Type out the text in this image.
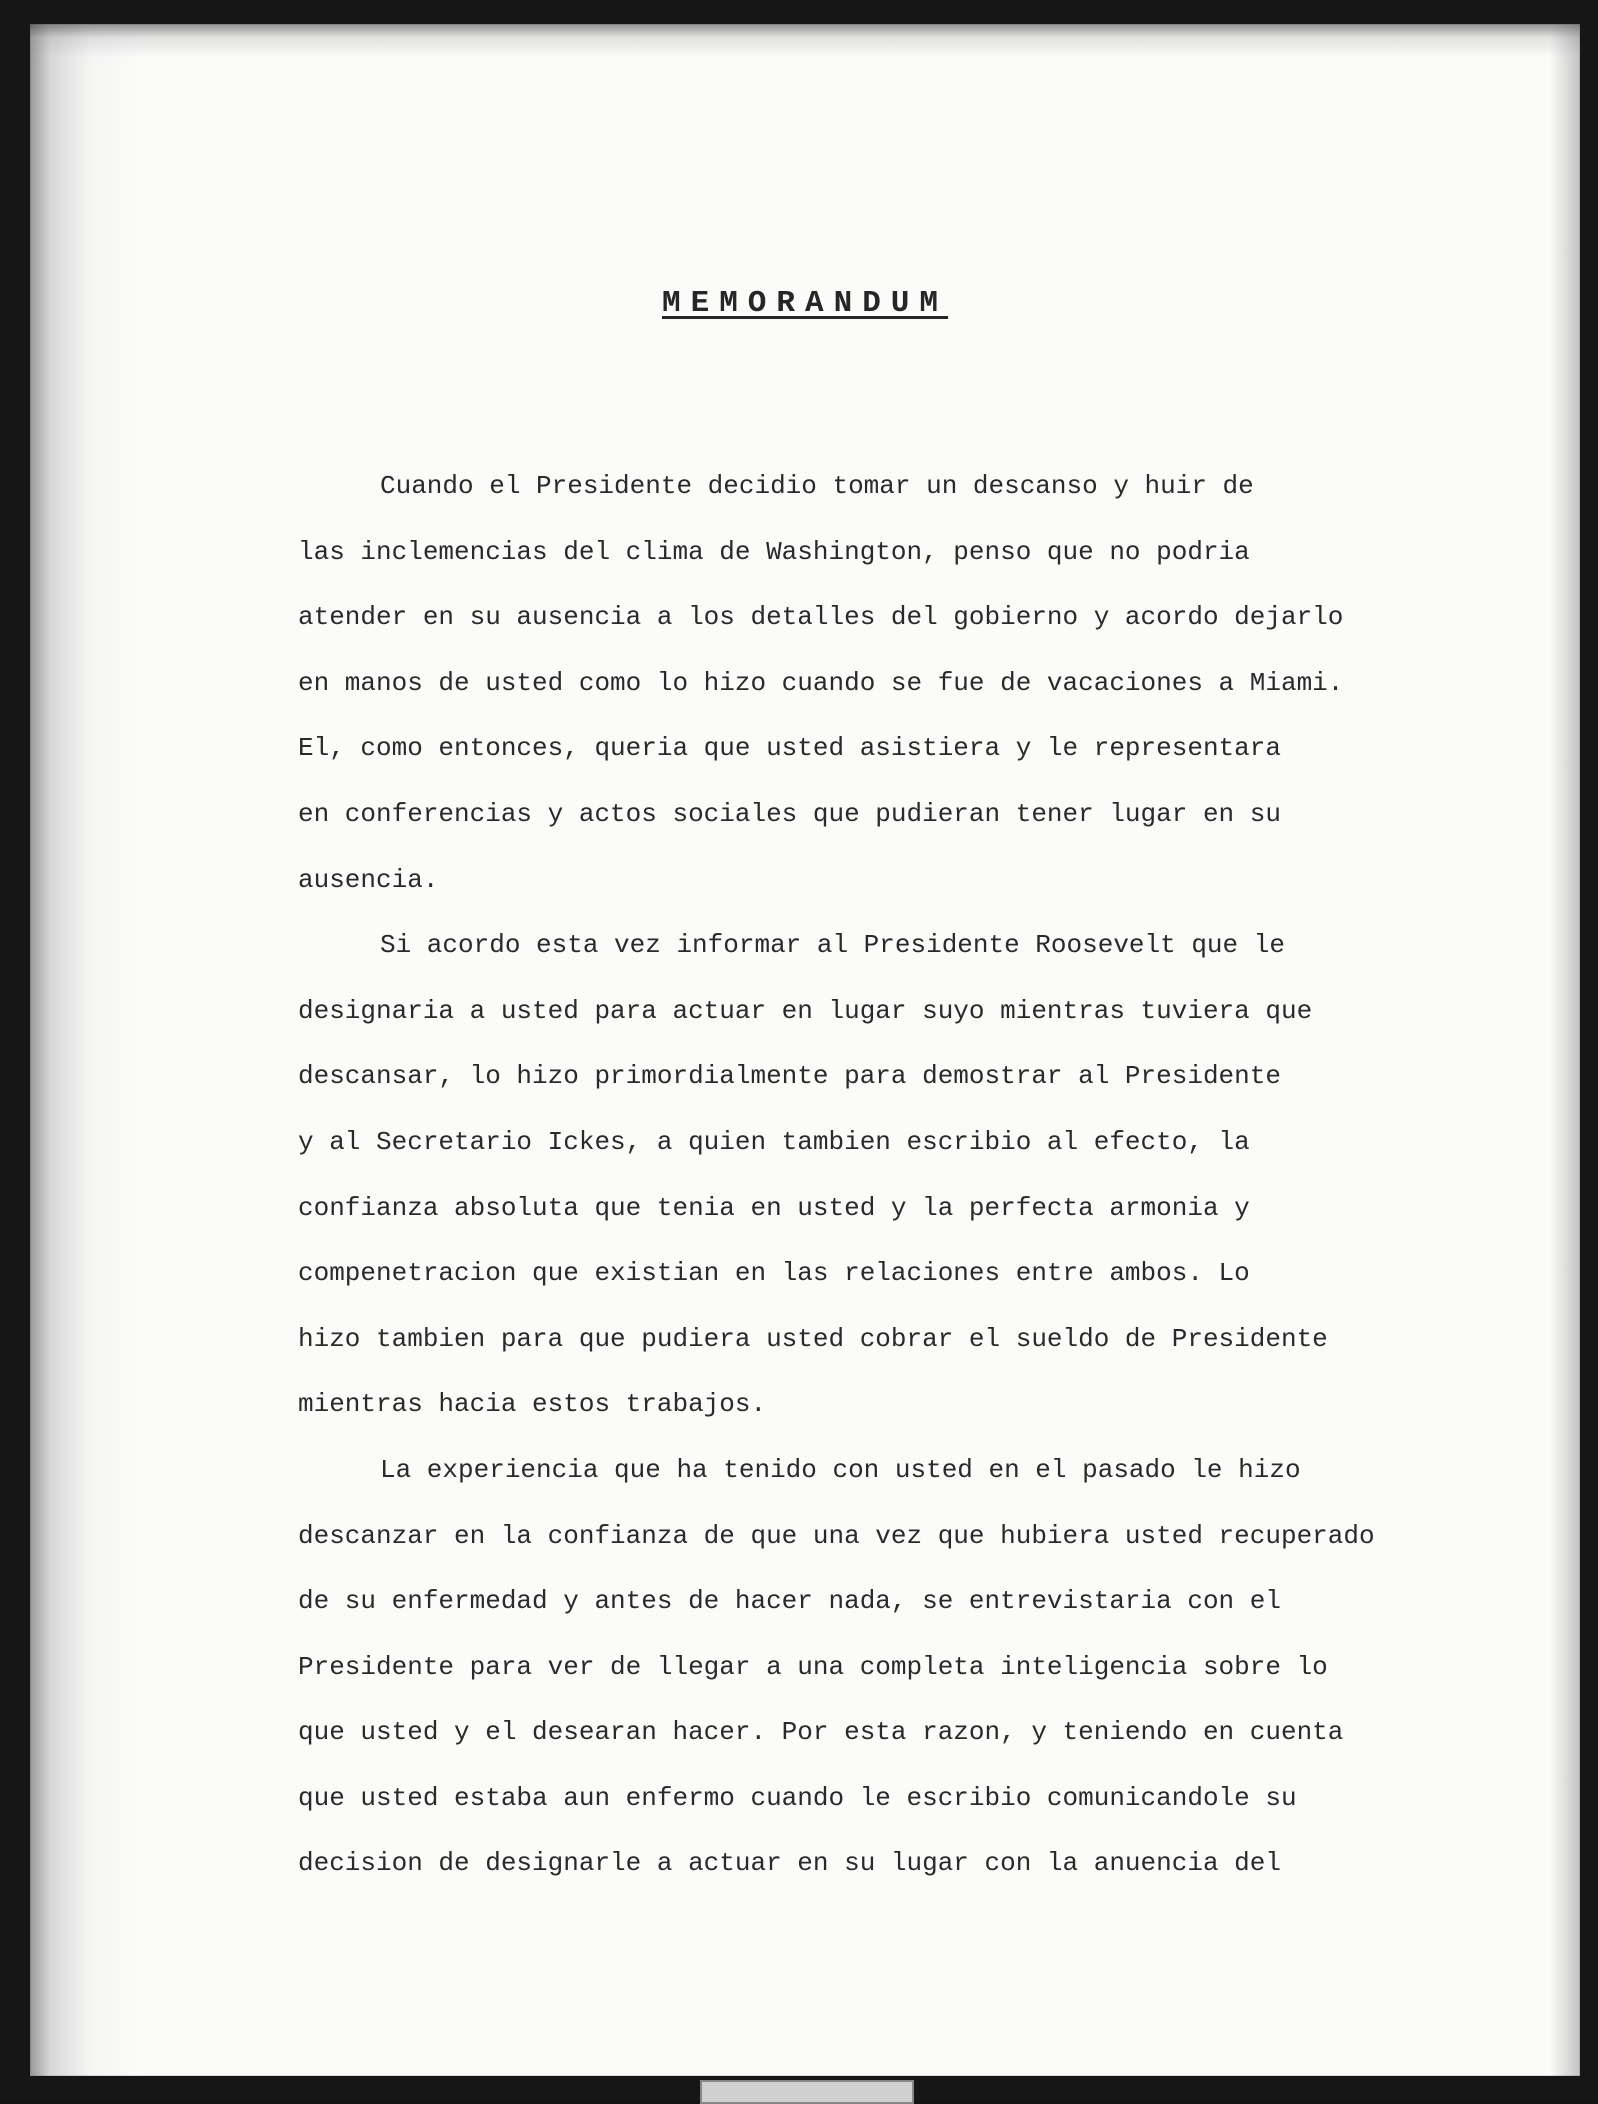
MEMORANDUM
Cuando el Presidente decidio tomar un descanso y huir de
las inclemencias del clima de Washington, penso que no podria
atender en su ausencia a los detalles del gobierno y acordo dejarlo
en manos de usted como lo hizo cuando se fue de vacaciones a Miami.
El, como entonces, queria que usted asistiera y le representara
en conferencias y actos sociales que pudieran tener lugar en su
ausencia.
Si acordo esta vez informar al Presidente Roosevelt que le
designaria a usted para actuar en lugar suyo mientras tuviera que
descansar, lo hizo primordialmente para demostrar al Presidente
y al Secretario Ickes, a quien tambien escribio al efecto, la
confianza absoluta que tenia en usted y la perfecta armonia y
compenetracion que existian en las relaciones entre ambos. Lo
hizo tambien para que pudiera usted cobrar el sueldo de Presidente
mientras hacia estos trabajos.
La experiencia que ha tenido con usted en el pasado le hizo
descanzar en la confianza de que una vez que hubiera usted recuperado
de su enfermedad y antes de hacer nada, se entrevistaria con el
Presidente para ver de llegar a una completa inteligencia sobre lo
que usted y el desearan hacer. Por esta razon, y teniendo en cuenta
que usted estaba aun enfermo cuando le escribio comunicandole su
decision de designarle a actuar en su lugar con la anuencia del
